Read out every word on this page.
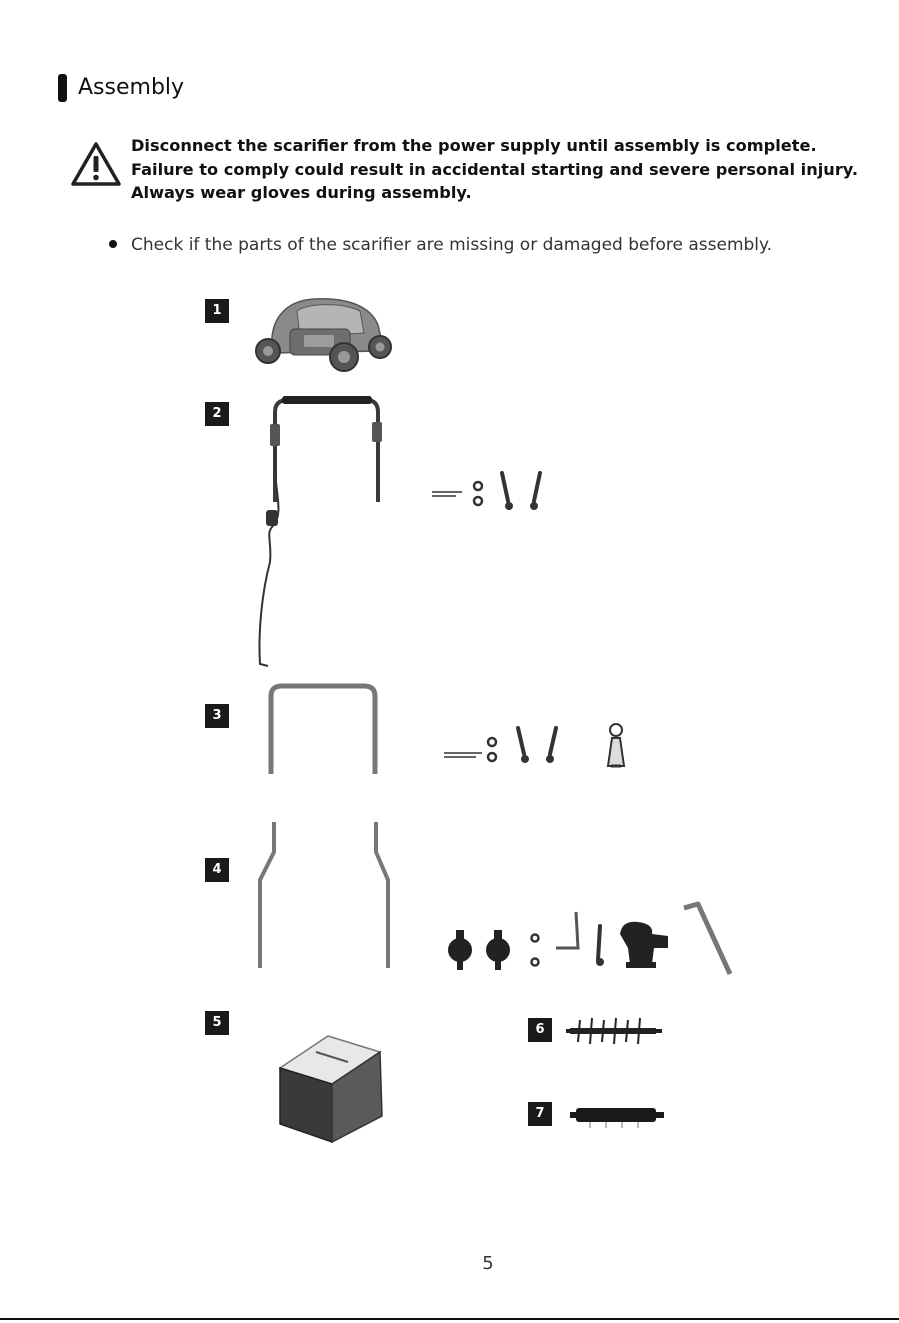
Assembly
Disconnect the scarifier from the power supply until assembly is complete.
Failure to comply could result in accidental starting and severe personal injury.
Always wear gloves during assembly.
Check if the parts of the scarifier are missing or damaged before assembly.
1
2
3
4
5	6
7
5
